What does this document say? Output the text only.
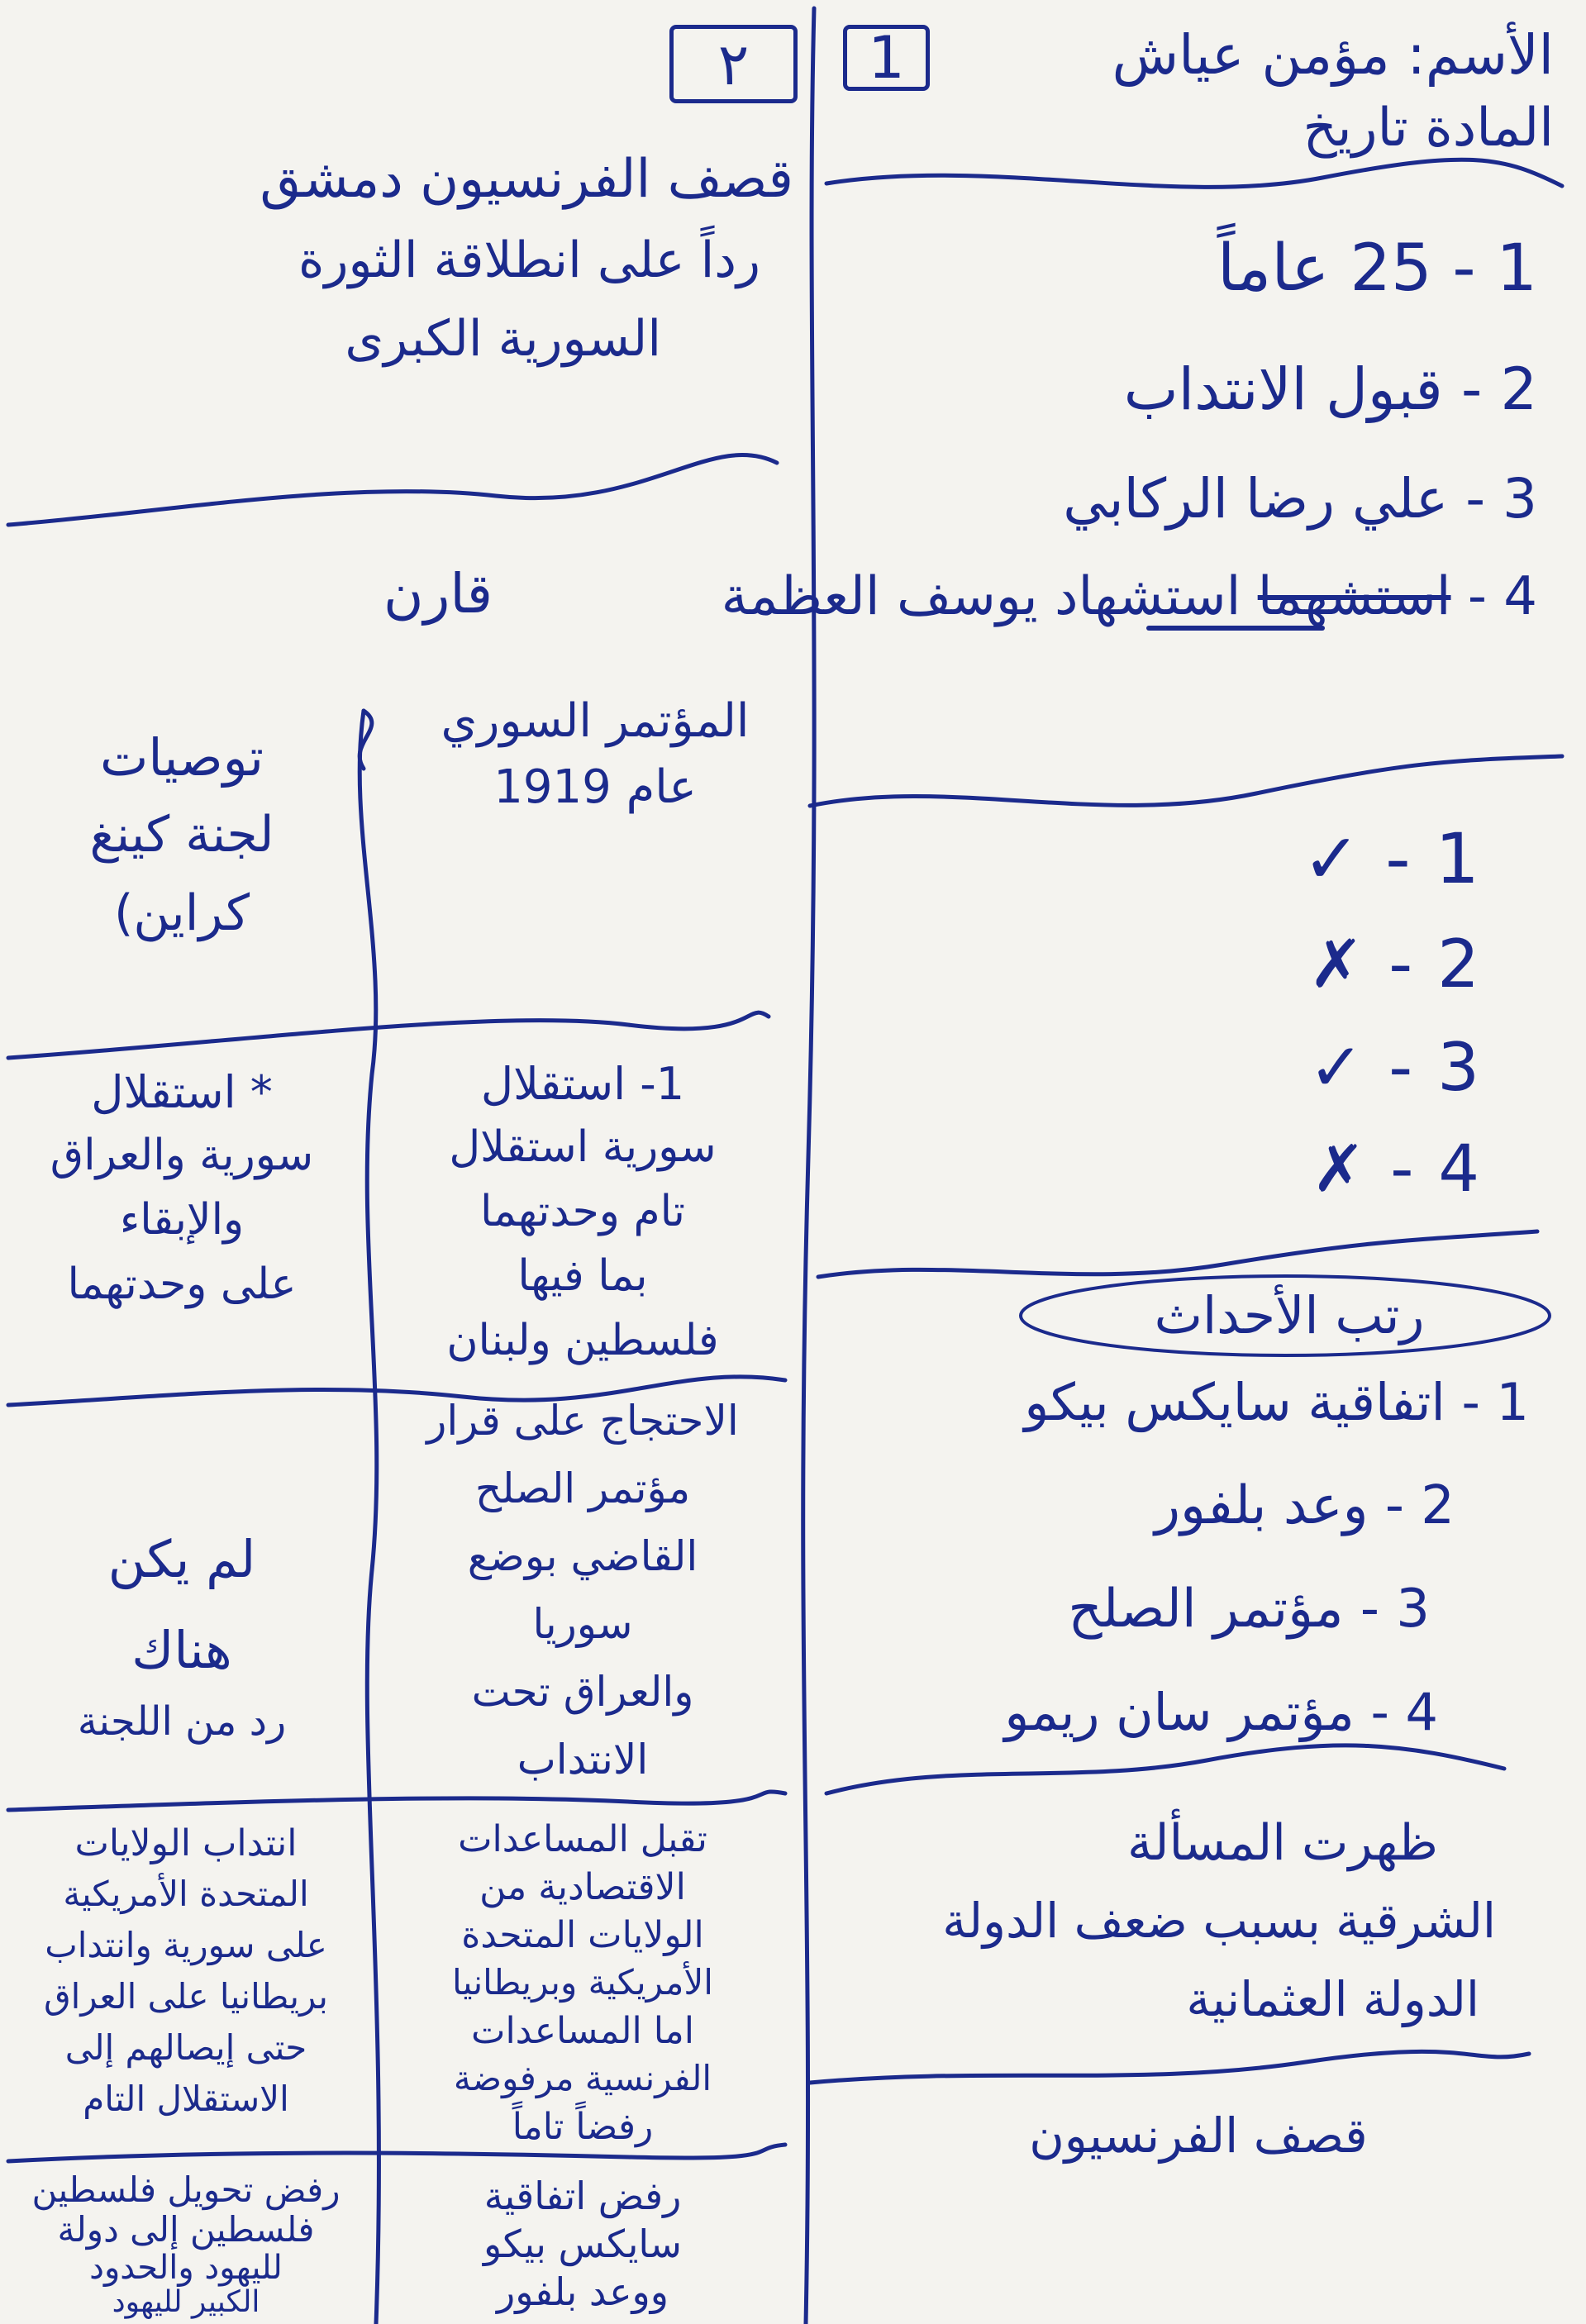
1
٢	الأسم: مؤمن عياش
المادة تاريخ
1 - 25 عاماً
2 - قبول الانتداب
3 - علي رضا الركابي
4 - استشهما استشهاد يوسف العظمة
✓ - 1
✗ - 2
✓ - 3
✗ - 4
رتب الأحداث
1 - اتفاقية سايكس بيكو
2 - وعد بلفور
3 - مؤتمر الصلح
4 - مؤتمر سان ريمو
ظهرت المسألة
الشرقية بسبب ضعف الدولة
الدولة العثمانية
قصف الفرنسيون
قصف الفرنسيون دمشق
رداً على انطلاقة الثورة
السورية الكبرى
قارن
المؤتمر السوري
عام 1919
توصيات
لجنة كينغ
كراين)
1- استقلال
سورية استقلال
تام وحدتهما
بما فيها
فلسطين ولبنان
* استقلال
سورية والعراق
والإبقاء
على وحدتهما
الاحتجاج على قرار
مؤتمر الصلح
القاضي بوضع
سوريا
والعراق تحت
الانتداب
لم يكن
هناك
رد من اللجنة
تقبل المساعدات
الاقتصادية من
الولايات المتحدة
الأمريكية وبريطانيا
اما المساعدات
الفرنسية مرفوضة
رفضاً تاماً
انتداب الولايات
المتحدة الأمريكية
على سورية وانتداب
بريطانيا على العراق
حتى إيصالهم إلى
الاستقلال التام
رفض اتفاقية
سايكس بيكو
ووعد بلفور
رفض تحويل فلسطين
فلسطين إلى دولة
لليهود والحدود
الكبير لليهود
